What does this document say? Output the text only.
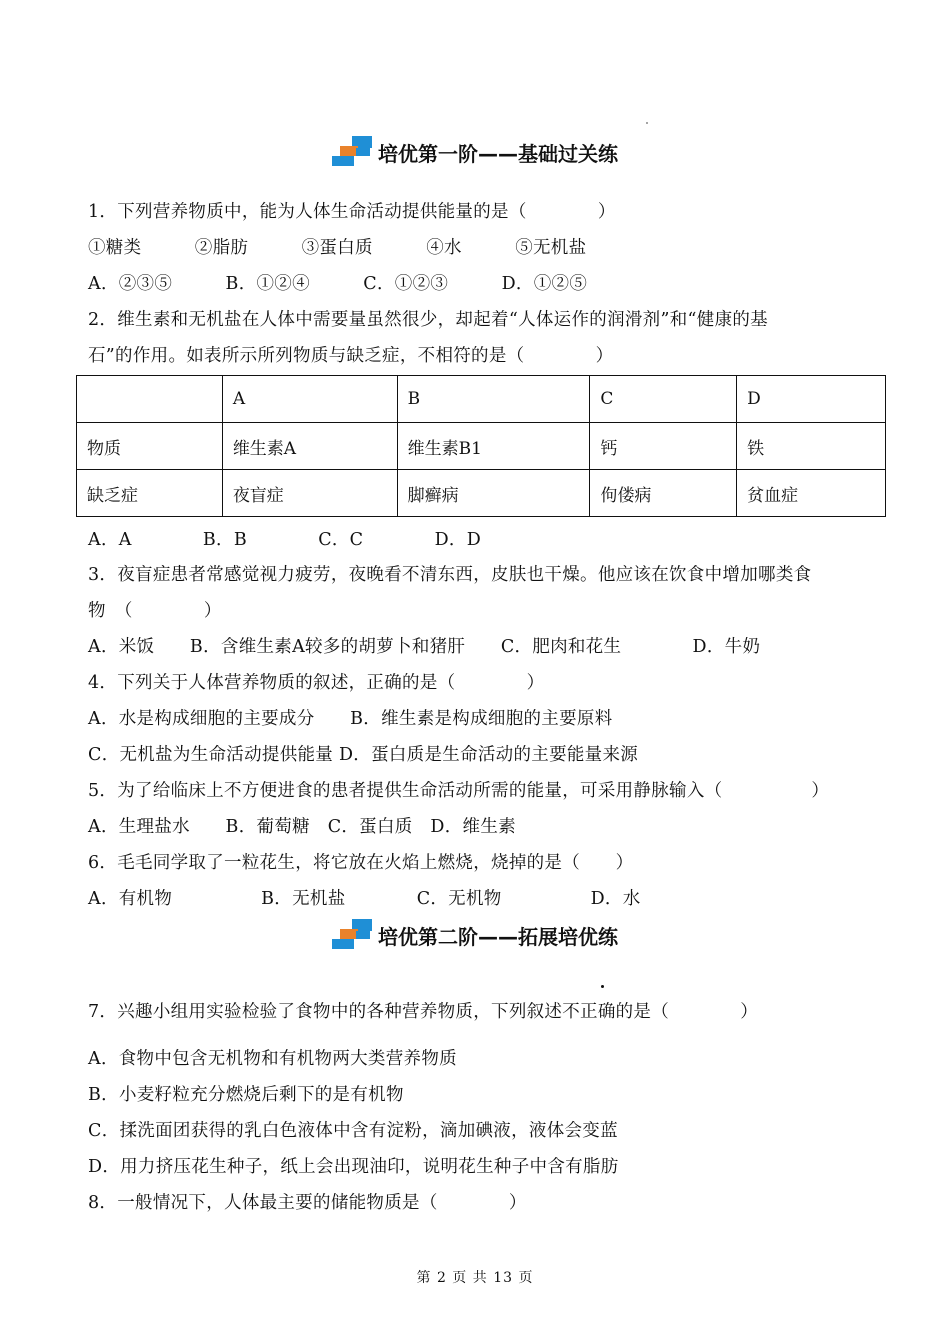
培优第一阶——基础过关练
1．下列营养物质中，能为人体生命活动提供能量的是（　　　　）
①糖类　　　②脂肪　　　③蛋白质　　　④水　　　⑤无机盐
A．②③⑤　　　B．①②④　　　C．①②③　　　D．①②⑤
2．维生素和无机盐在人体中需要量虽然很少，却起着“人体运作的润滑剂”和“健康的基
石”的作用。如表所示所列物质与缺乏症，不相符的是（　　　　）
	A	B	C	D
物质	维生素A	维生素B1	钙	铁
缺乏症	夜盲症	脚癣病	佝偻病	贫血症
A．A　　　　B．B　　　　C．C　　　　D．D
3．夜盲症患者常感觉视力疲劳，夜晚看不清东西，皮肤也干燥。他应该在饮食中增加哪类食
物　（　　　　）
A．米饭　　B．含维生素A较多的胡萝卜和猪肝　　C．肥肉和花生　　　　D．牛奶
4．下列关于人体营养物质的叙述，正确的是（　　　　）
A．水是构成细胞的主要成分　　B．维生素是构成细胞的主要原料
C．无机盐为生命活动提供能量 D．蛋白质是生命活动的主要能量来源
5．为了给临床上不方便进食的患者提供生命活动所需的能量，可采用静脉输入（　　　　　）
A．生理盐水　　B．葡萄糖　C．蛋白质　D．维生素
6．毛毛同学取了一粒花生，将它放在火焰上燃烧，烧掉的是（　　）
A．有机物　　　　　B．无机盐　　　　C．无机物　　　　　D．水
培优第二阶——拓展培优练
7．兴趣小组用实验检验了食物中的各种营养物质，下列叙述不正确的是（　　　　）
A．食物中包含无机物和有机物两大类营养物质
B．小麦籽粒充分燃烧后剩下的是有机物
C．揉洗面团获得的乳白色液体中含有淀粉，滴加碘液，液体会变蓝
D．用力挤压花生种子，纸上会出现油印，说明花生种子中含有脂肪
8．一般情况下，人体最主要的储能物质是（　　　　）
第 2 页 共 13 页
